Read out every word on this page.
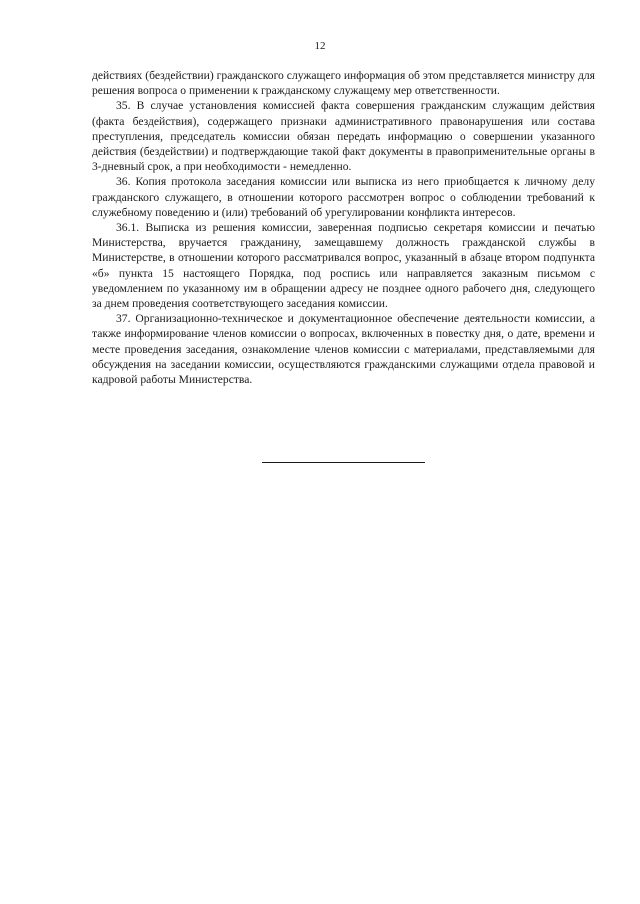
12

действиях (бездействии) гражданского служащего информация об этом представляется министру для решения вопроса о применении к гражданскому служащему мер ответственности.

35. В случае установления комиссией факта совершения гражданским служащим действия (факта бездействия), содержащего признаки административного правонарушения или состава преступления, председатель комиссии обязан передать информацию о совершении указанного действия (бездействии) и подтверждающие такой факт документы в правоприменительные органы в 3-дневный срок, а при необходимости - немедленно.

36. Копия протокола заседания комиссии или выписка из него приобщается к личному делу гражданского служащего, в отношении которого рассмотрен вопрос о соблюдении требований к служебному поведению и (или) требований об урегулировании конфликта интересов.

36.1. Выписка из решения комиссии, заверенная подписью секретаря комиссии и печатью Министерства, вручается гражданину, замещавшему должность гражданской службы в Министерстве, в отношении которого рассматривался вопрос, указанный в абзаце втором подпункта «б» пункта 15 настоящего Порядка, под роспись или направляется заказным письмом с уведомлением по указанному им в обращении адресу не позднее одного рабочего дня, следующего за днем проведения соответствующего заседания комиссии.

37. Организационно-техническое и документационное обеспечение деятельности комиссии, а также информирование членов комиссии о вопросах, включенных в повестку дня, о дате, времени и месте проведения заседания, ознакомление членов комиссии с материалами, представляемыми для обсуждения на заседании комиссии, осуществляются гражданскими служащими отдела правовой и кадровой работы Министерства.
